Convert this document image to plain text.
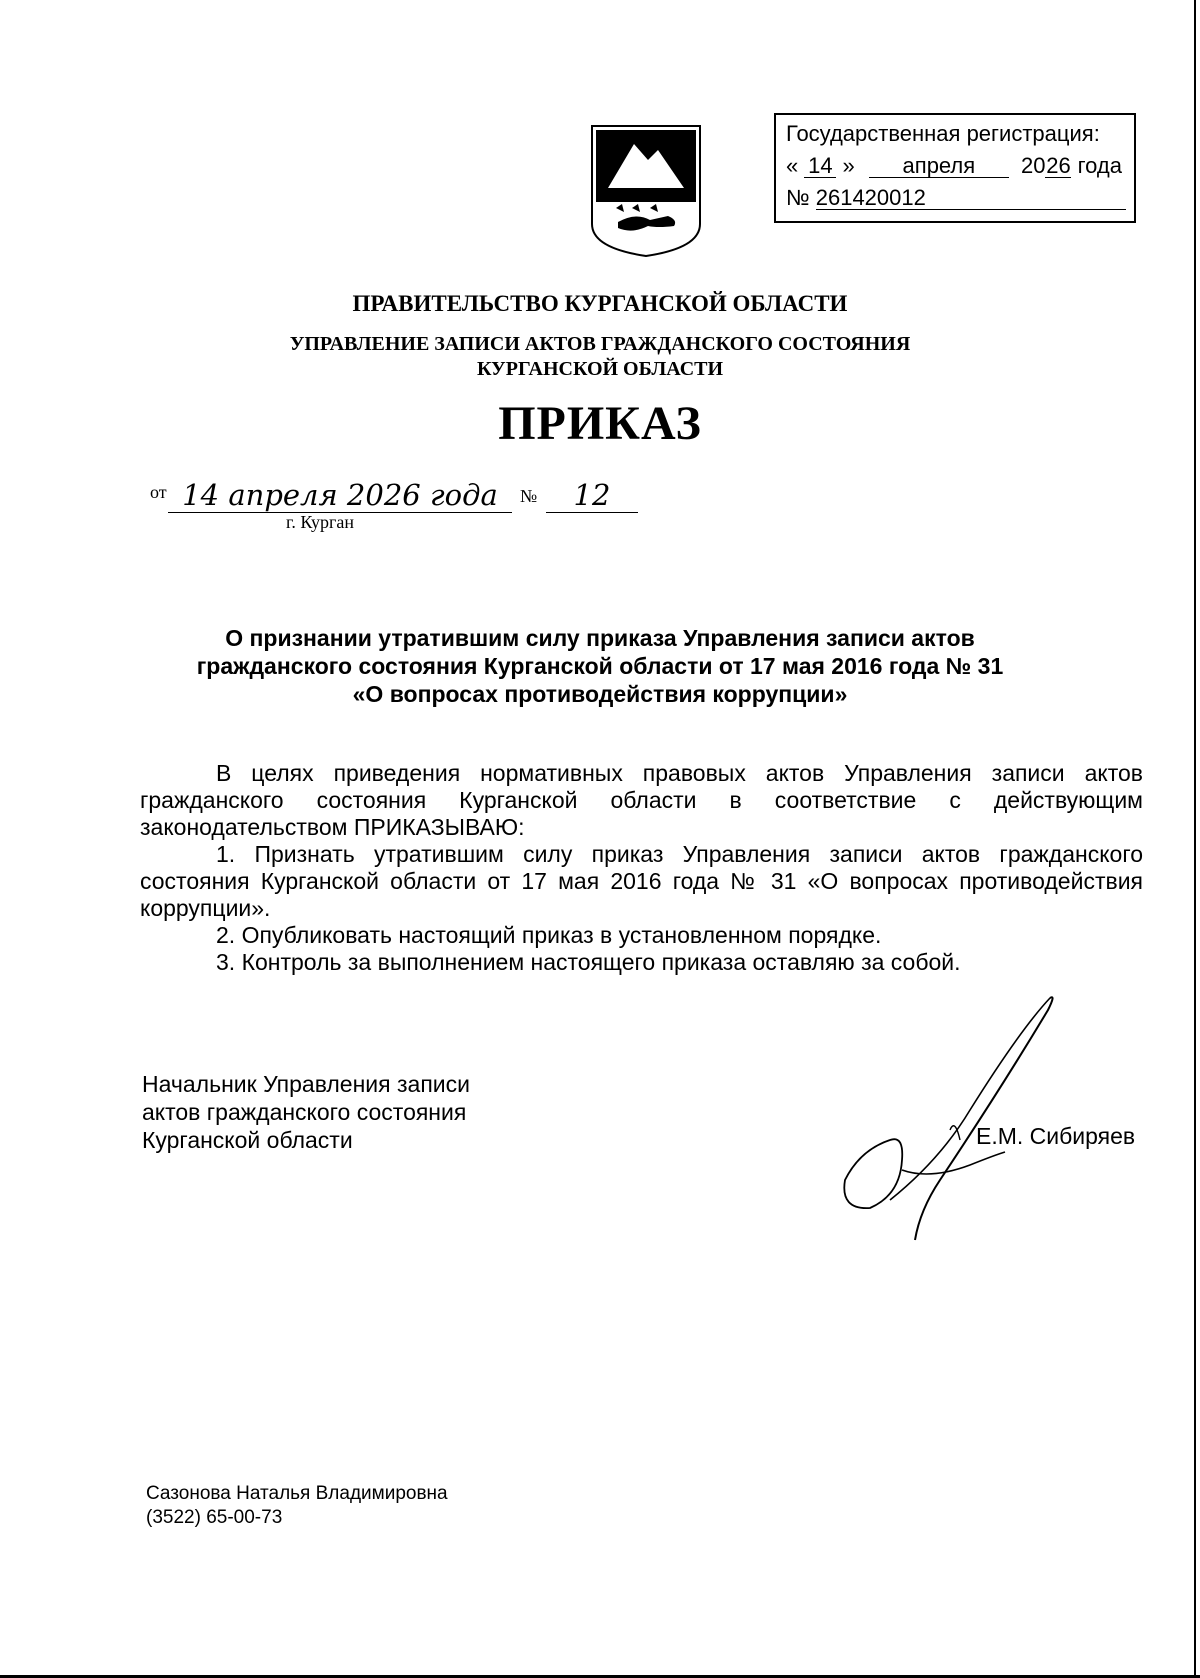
Государственная регистрация:
« 14 » апреля 2026 года
№ 261420012
ПРАВИТЕЛЬСТВО КУРГАНСКОЙ ОБЛАСТИ
УПРАВЛЕНИЕ ЗАПИСИ АКТОВ ГРАЖДАНСКОГО СОСТОЯНИЯ
КУРГАНСКОЙ ОБЛАСТИ
ПРИКАЗ
от 14 апреля 2026 года	№	12
г. Курган
О признании утратившим силу приказа Управления записи актов
гражданского состояния Курганской области от 17 мая 2016 года № 31
«О вопросах противодействия коррупции»

В целях приведения нормативных правовых актов Управления записи актов гражданского состояния Курганской области в соответствие с действующим законодательством ПРИКАЗЫВАЮ:

1. Признать утратившим силу приказ Управления записи актов гражданского состояния Курганской области от 17 мая 2016 года № 31 «О вопросах противодействия коррупции».

2. Опубликовать настоящий приказ в установленном порядке.

3. Контроль за выполнением настоящего приказа оставляю за собой.

Начальник Управления записи
актов гражданского состояния
Курганской области	Е.М. Сибиряев
Сазонова Наталья Владимировна
(3522) 65-00-73
